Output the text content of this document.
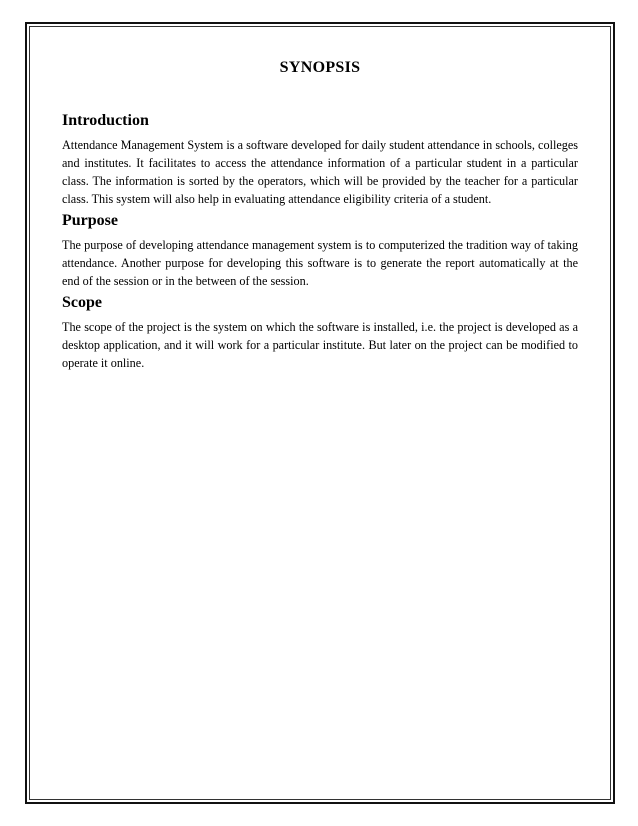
SYNOPSIS
Introduction

Attendance Management System is a software developed for daily student attendance in schools, colleges and institutes. It facilitates to access the attendance information of a particular student in a particular class. The information is sorted by the operators, which will be provided by the teacher for a particular class. This system will also help in evaluating attendance eligibility criteria of a student.

Purpose

The purpose of developing attendance management system is to computerized the tradition way of taking attendance. Another purpose for developing this software is to generate the report automatically at the end of the session or in the between of the session.

Scope

The scope of the project is the system on which the software is installed, i.e. the project is developed as a desktop application, and it will work for a particular institute. But later on the project can be modified to operate it online.
